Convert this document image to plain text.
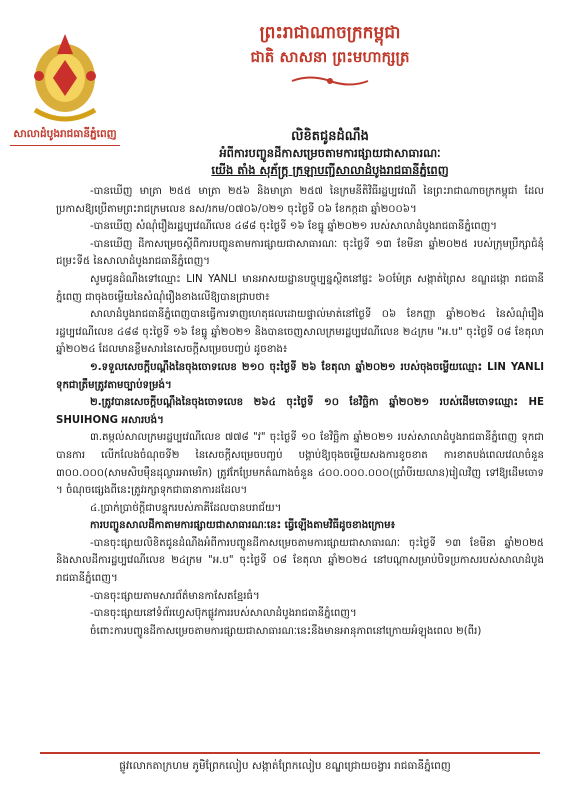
សាលាដំបូងរាជធានីភ្នំពេញ
ព្រះរាជាណាចក្រកម្ពុជា
ជាតិ សាសនា ព្រះមហាក្សត្រ
លិខិតជូនដំណឹង
អំពីការបញ្ចូនដីកាសម្រេចតាមការផ្សាយជាសាធារណៈ
យើង តាំង សុភ័ក្ត្រ ក្រឡាបញ្ជីសាលាដំបូងរាជធានីភ្នំពេញ

-បានឃើញ មាត្រា ២៥៥ មាត្រា ២៥៦ និងមាត្រា ២៥៧ នៃក្រមនីតិវិធីរដ្ឋប្បវេណី នៃព្រះរាជាណាចក្រកម្ពុជា ដែលប្រកាសឱ្យប្រើតាមព្រះរាជក្រមលេខ នស/រកម/០៧០៦/០២១ ចុះថ្ងៃទី ០៦ ខែកក្កដា ឆ្នាំ២០០៦។

-បានឃើញ សំណុំរឿងរដ្ឋប្បវេណីលេខ ៤៨៨ ចុះថ្ងៃទី ១៦ ខែធ្នូ ឆ្នាំ២០២១ របស់សាលាដំបូងរាជធានីភ្នំពេញ។

-បានឃើញ ដីកាសម្រេចស្តីពីការបញ្ចូនតាមការផ្សាយជាសាធារណៈ ចុះថ្ងៃទី ១៣ ខែមីនា ឆ្នាំ២០២៥ របស់ក្រុមប្រឹក្សាជំនុំជម្រះទី៥ នៃសាលាដំបូងរាជធានីភ្នំពេញ។

សូមជូនដំណឹងទៅឈ្មោះ LIN YANLI មានអាសយដ្ឋានបច្ចុប្បន្នស្ថិតនៅផ្ទះ ៦០ម៉ែត្រ សង្កាត់ព្រៃស ខណ្ឌដង្កោ រាជធានីភ្នំពេញ ជាចុងចម្លើយនៃសំណុំរឿងខាងលើឱ្យបានជ្រាបថា៖

សាលាដំបូងរាជធានីភ្នំពេញបានធ្វើការទាញហេតុផលដោយផ្ទាល់មាត់នៅថ្ងៃទី ០៦ ខែកញ្ញា ឆ្នាំ២០២៤ នៃសំណុំរឿងរដ្ឋប្បវេណីលេខ ៤៨៨ ចុះថ្ងៃទី ១៦ ខែធ្នូ ឆ្នាំ២០២១ និងបានចេញសាលក្រមរដ្ឋប្បវេណីលេខ ២៤ក្រម "អ.ប" ចុះថ្ងៃទី ០៨ ខែតុលា ឆ្នាំ២០២៤ ដែលមានខ្លឹមសារនៃសេចក្តីសម្រេចបញ្ចប់ ដូចខាង៖

១.ទទួលសេចក្តីបណ្តឹងនៃចុងចោទលេខ ២១០ ចុះថ្ងៃទី ២៦ ខែតុលា ឆ្នាំ២០២១ របស់ចុងចម្លើយឈ្មោះ LIN YANLI ទុកជាត្រឹមត្រូវតាមច្បាប់ទម្រង់។

២.ត្រូវបានសេចក្តីបណ្តឹងនៃចុងចោទលេខ ២៦៤ ចុះថ្ងៃទី ១០ ខែវិច្ឆិកា ឆ្នាំ២០២១ របស់ដើមចោទឈ្មោះ HE SHUIHONG អសារបង់។

៣.តម្កល់សាលក្រមរដ្ឋប្បវេណីលេខ ៧៧៨ "វ" ចុះថ្ងៃទី ១០ ខែវិច្ឆិកា ឆ្នាំ២០២១ របស់សាលាដំបូងរាជធានីភ្នំពេញ ទុកជាបានការ លើកលែងចំណុចទី២ នៃសេចក្តីសម្រេចបញ្ចប់ បង្គាប់ឱ្យចុងចម្លើយសងការខូចខាត ការខាតបង់ពេលវេលាចំនួន ៣០០.០០០(សាមសិបម៉ឺនដុល្លារអាមេរិក) ត្រូវកែប្រែមកតំណាងចំនួន ៤០០.០០០.០០០(ប្រាំបីរយលាន)រៀលវិញ ទៅឱ្យដើមចោទ ។ ចំណុចផ្សេងពីនេះត្រូវរក្សាទុកជាធានាការដដែល។

៤.ប្រាក់ប្រាថ់ក្តីជាបន្ទុករបស់ភាគីដែលបានបរាជ័យ។

ការបញ្ចូនសាលដីកាតាមការផ្សាយជាសាធារណៈនេះ ធ្វើឡើងតាមវិធីដូចខាងក្រោម៖

-បានចុះផ្សាយលិខិតជូនដំណឹងអំពីការបញ្ចូនដីកាសម្រេចតាមការផ្សាយជាសាធារណៈ ចុះថ្ងៃទី ១៣ ខែមីនា ឆ្នាំ២០២៥ និងសាលដីការដ្ឋប្បវេណីលេខ ២៤ក្រម "អ.ប" ចុះថ្ងៃទី ០៨ ខែតុលា ឆ្នាំ២០២៤ នៅបណ្តាសម្រាប់បិទប្រកាសរបស់សាលាដំបូងរាជធានីភ្នំពេញ។

-បានចុះផ្សាយតាមសារព័ត៌មានកាសែតខ្មែរធំ។

-បានចុះផ្សាយនៅទំព័រហ្វេសប៊ុកផ្លូវការរបស់សាលាដំបូងរាជធានីភ្នំពេញ។

ចំពោះការបញ្ចូនដីកាសម្រេចតាមការផ្សាយជាសាធារណៈនេះនឹងមានអានុភាពនៅក្រោយអំឡុងពេល ២(ពីរ)

ផ្លូវលោកតាក្រហម ភូមិព្រែកលៀប សង្កាត់ព្រែកលៀប ខណ្ឌជ្រោយចង្វារ រាជធានីភ្នំពេញ
